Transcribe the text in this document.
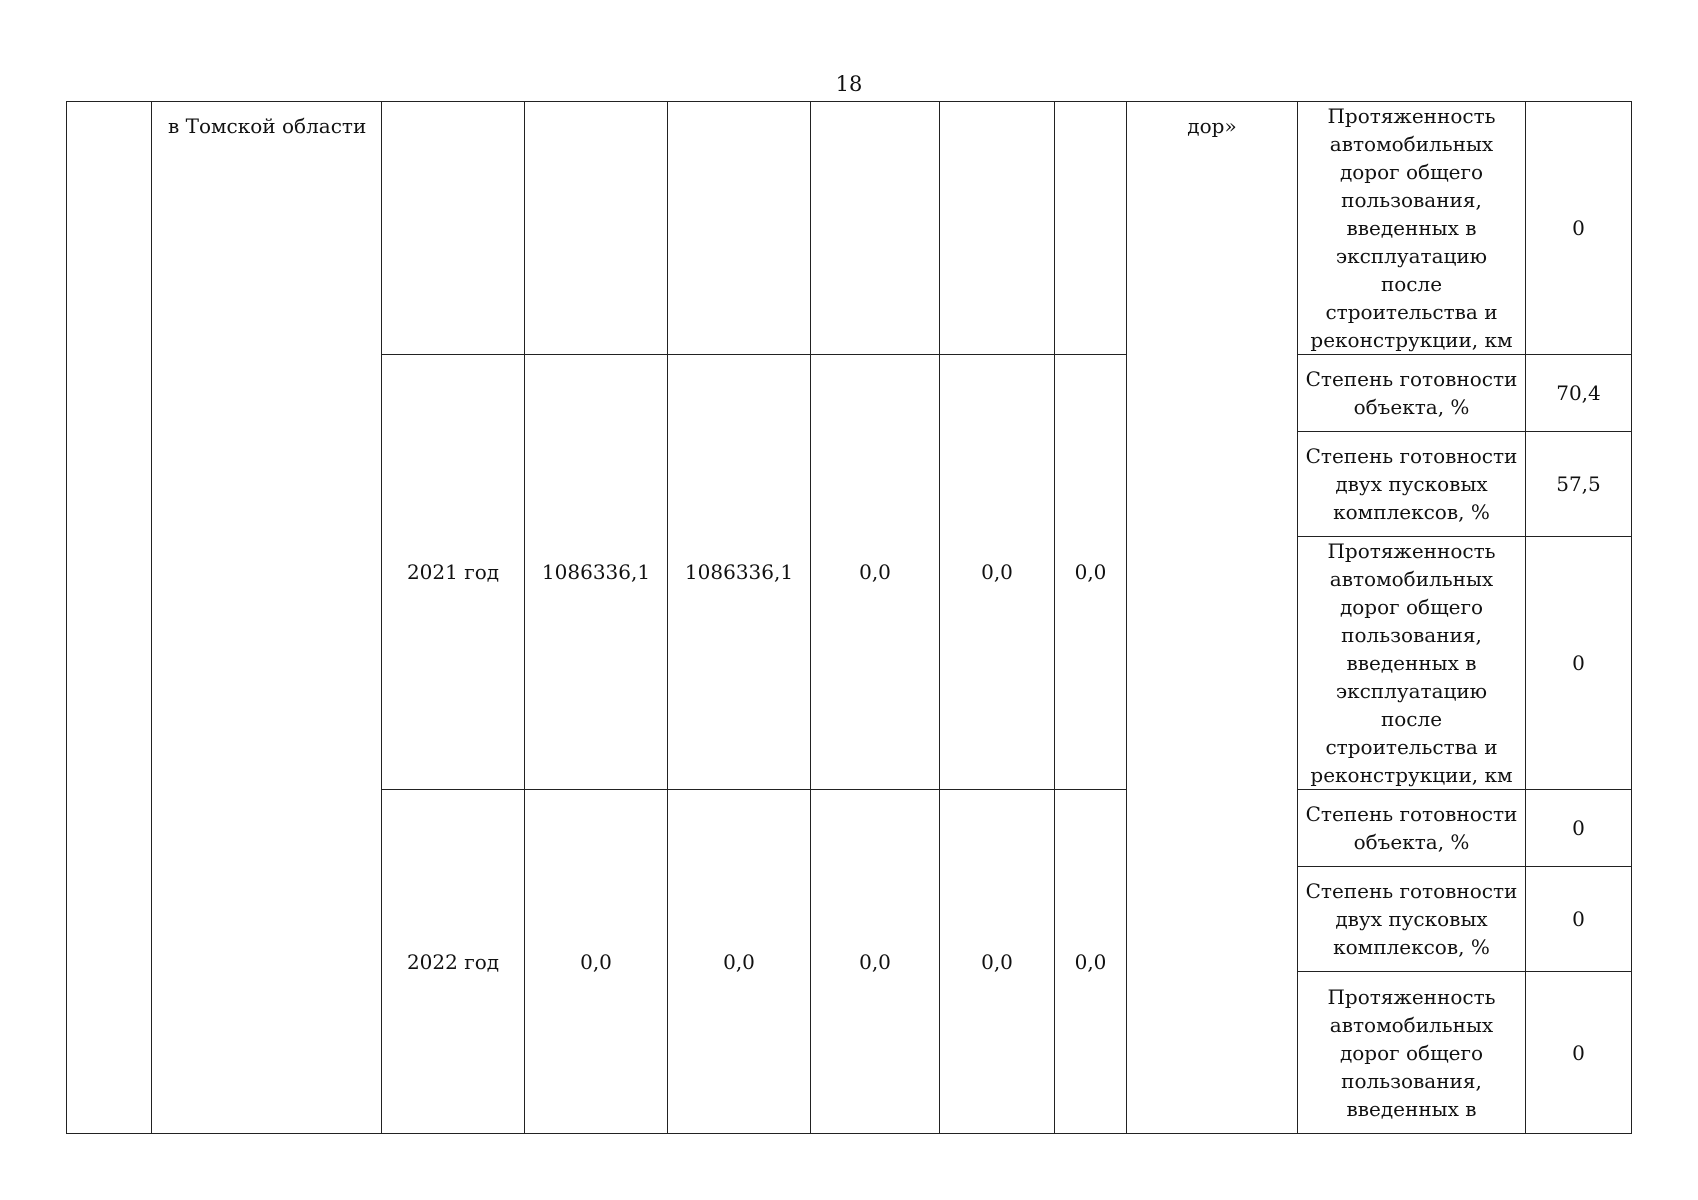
18
	в Томской области							дор»	Протяженность автомобильных дорог общего пользования, введенных в эксплуатацию после строительства и реконструкции, км	0
		2021 год	1086336,1	1086336,1	0,0	0,0	0,0		Степень готовности объекта, %	70,4
									Степень готовности двух пусковых комплексов, %	57,5
									Протяженность автомобильных дорог общего пользования, введенных в эксплуатацию после строительства и реконструкции, км	0
		2022 год	0,0	0,0	0,0	0,0	0,0		Степень готовности объекта, %	0
									Степень готовности двух пусковых комплексов, %	0
									Протяженность автомобильных дорог общего пользования, введенных в	0
